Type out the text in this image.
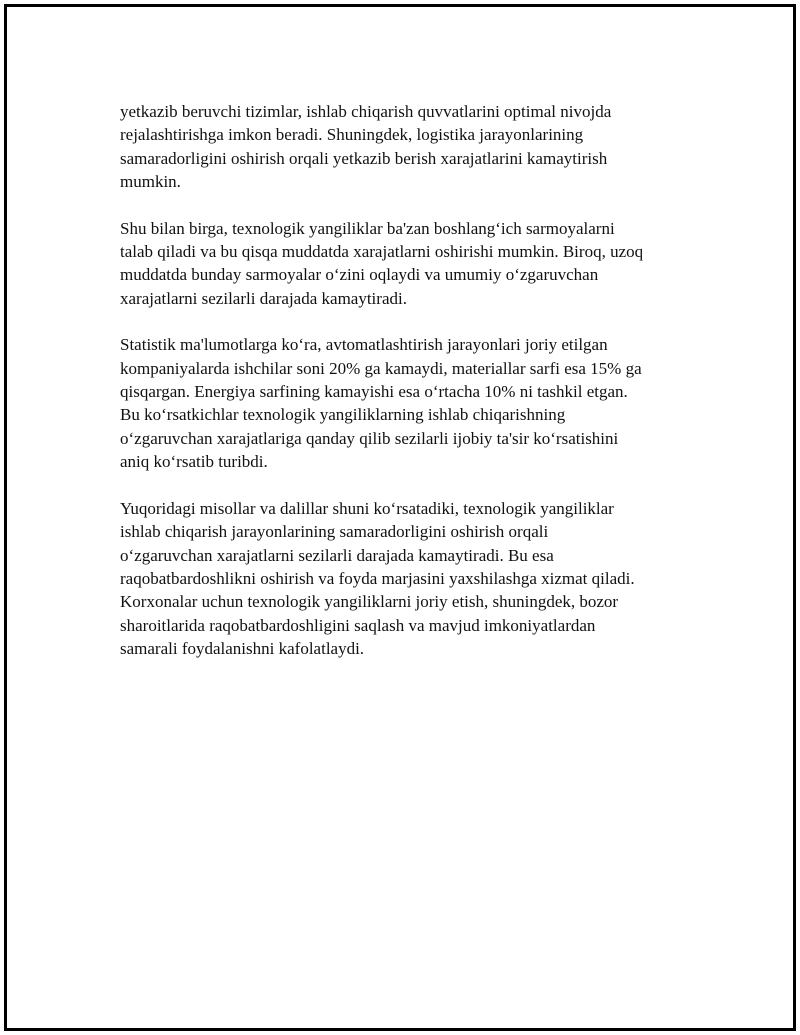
yetkazib beruvchi tizimlar, ishlab chiqarish quvvatlarini optimal nivojda
rejalashtirishga imkon beradi. Shuningdek, logistika jarayonlarining
samaradorligini oshirish orqali yetkazib berish xarajatlarini kamaytirish
mumkin.

Shu bilan birga, texnologik yangiliklar ba'zan boshlang‘ich sarmoyalarni
talab qiladi va bu qisqa muddatda xarajatlarni oshirishi mumkin. Biroq, uzoq
muddatda bunday sarmoyalar o‘zini oqlaydi va umumiy o‘zgaruvchan
xarajatlarni sezilarli darajada kamaytiradi.

Statistik ma'lumotlarga ko‘ra, avtomatlashtirish jarayonlari joriy etilgan
kompaniyalarda ishchilar soni 20% ga kamaydi, materiallar sarfi esa 15% ga
qisqargan. Energiya sarfining kamayishi esa o‘rtacha 10% ni tashkil etgan.
Bu ko‘rsatkichlar texnologik yangiliklarning ishlab chiqarishning
o‘zgaruvchan xarajatlariga qanday qilib sezilarli ijobiy ta'sir ko‘rsatishini
aniq ko‘rsatib turibdi.

Yuqoridagi misollar va dalillar shuni ko‘rsatadiki, texnologik yangiliklar
ishlab chiqarish jarayonlarining samaradorligini oshirish orqali
o‘zgaruvchan xarajatlarni sezilarli darajada kamaytiradi. Bu esa
raqobatbardoshlikni oshirish va foyda marjasini yaxshilashga xizmat qiladi.
Korxonalar uchun texnologik yangiliklarni joriy etish, shuningdek, bozor
sharoitlarida raqobatbardoshligini saqlash va mavjud imkoniyatlardan
samarali foydalanishni kafolatlaydi.
